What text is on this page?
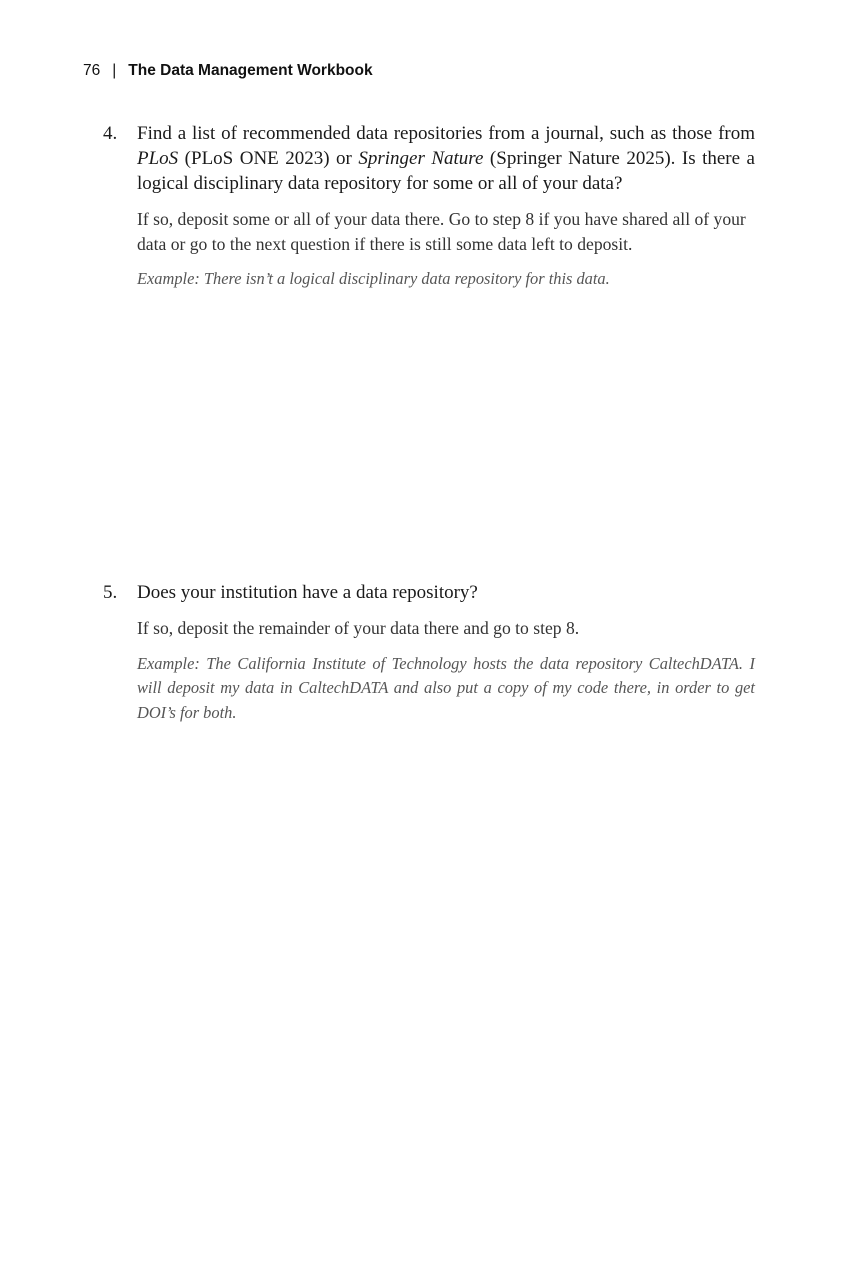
76 | The Data Management Workbook
4.	Find a list of recommended data repositories from a journal, such as those from PLoS (PLoS ONE 2023) or Springer Nature (Springer Nature 2025). Is there a logical disciplinary data repository for some or all of your data?

If so, deposit some or all of your data there. Go to step 8 if you have shared all of your data or go to the next question if there is still some data left to deposit.

Example: There isn’t a logical disciplinary data repository for this data.

5.	Does your institution have a data repository?

If so, deposit the remainder of your data there and go to step 8.

Example: The California Institute of Technology hosts the data repository CaltechDATA. I will deposit my data in CaltechDATA and also put a copy of my code there, in order to get DOI’s for both.
